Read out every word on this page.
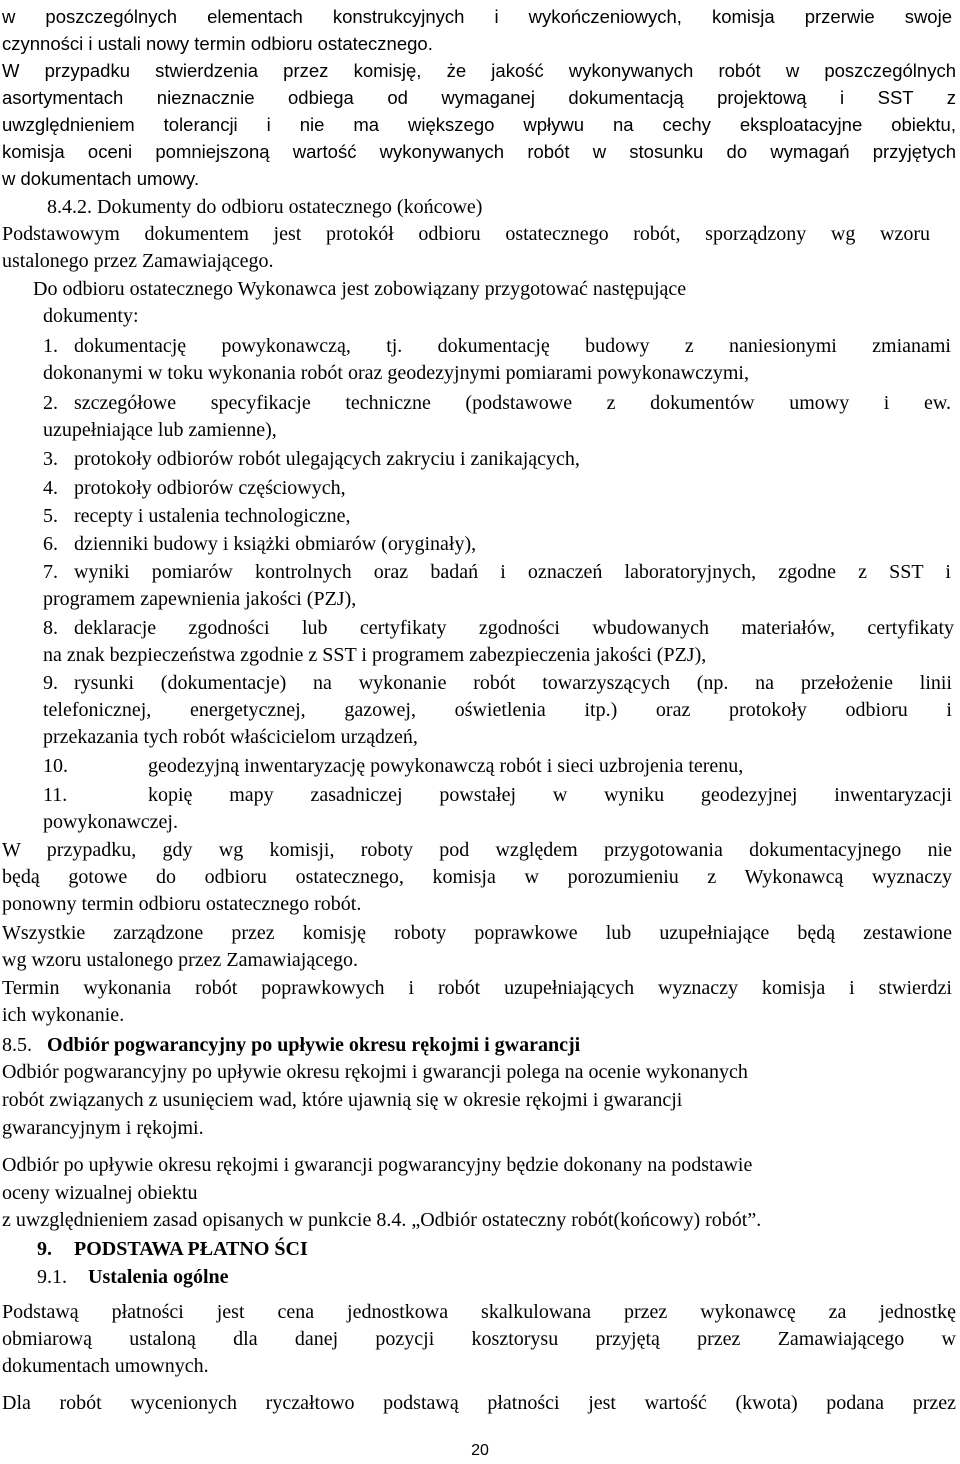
w poszczególnych elementach konstrukcyjnych i wykończeniowych, komisja przerwie swoje
czynności i ustali nowy termin odbioru ostatecznego.
W przypadku stwierdzenia przez komisję, że jakość wykonywanych robót w poszczególnych
asortymentach nieznacznie odbiega od wymaganej dokumentacją projektową i SST z
uwzględnieniem tolerancji i nie ma większego wpływu na cechy eksploatacyjne obiektu,
komisja oceni pomniejszoną wartość wykonywanych robót w stosunku do wymagań przyjętych
w dokumentach umowy.
8.4.2. Dokumenty do odbioru ostatecznego (końcowe)
Podstawowym dokumentem jest protokół odbioru ostatecznego robót, sporządzony wg wzoru
ustalonego przez Zamawiającego.
Do odbioru ostatecznego Wykonawca jest zobowiązany przygotować następujące
dokumenty:
1. dokumentację powykonawczą, tj. dokumentację budowy z naniesionymi zmianami
dokonanymi w toku wykonania robót oraz geodezyjnymi pomiarami powykonawczymi,
2. szczegółowe specyfikacje techniczne (podstawowe z dokumentów umowy i ew.
uzupełniające lub zamienne),
3. protokoły odbiorów robót ulegających zakryciu i zanikających,
4. protokoły odbiorów częściowych,
5. recepty i ustalenia technologiczne,
6. dzienniki budowy i książki obmiarów (oryginały),
7. wyniki pomiarów kontrolnych oraz badań i oznaczeń laboratoryjnych, zgodne z SST i
programem zapewnienia jakości (PZJ),
8. deklaracje zgodności lub certyfikaty zgodności wbudowanych materiałów, certyfikaty
na znak bezpieczeństwa zgodnie z SST i programem zabezpieczenia jakości (PZJ),
9. rysunki (dokumentacje) na wykonanie robót towarzyszących (np. na przełożenie linii
telefonicznej, energetycznej, gazowej, oświetlenia itp.) oraz protokoły odbioru i
przekazania tych robót właścicielom urządzeń,
10.	geodezyjną inwentaryzację powykonawczą robót i sieci uzbrojenia terenu,
11.	kopię mapy zasadniczej powstałej w wyniku geodezyjnej inwentaryzacji
powykonawczej.
W przypadku, gdy wg komisji, roboty pod względem przygotowania dokumentacyjnego nie
będą gotowe do odbioru ostatecznego, komisja w porozumieniu z Wykonawcą wyznaczy
ponowny termin odbioru ostatecznego robót.
Wszystkie zarządzone przez komisję roboty poprawkowe lub uzupełniające będą zestawione
wg wzoru ustalonego przez Zamawiającego.
Termin wykonania robót poprawkowych i robót uzupełniających wyznaczy komisja i stwierdzi
ich wykonanie.
8.5. Odbiór pogwarancyjny po upływie okresu rękojmi i gwarancji
Odbiór pogwarancyjny po upływie okresu rękojmi i gwarancji polega na ocenie wykonanych
robót związanych z usunięciem wad, które ujawnią się w okresie rękojmi i gwarancji
gwarancyjnym i rękojmi.
Odbiór po upływie okresu rękojmi i gwarancji pogwarancyjny będzie dokonany na podstawie
oceny wizualnej obiektu
z uwzględnieniem zasad opisanych w punkcie 8.4. „Odbiór ostateczny robót(końcowy) robót”.
9. PODSTAWA PŁATNO ŚCI
9.1. Ustalenia ogólne
Podstawą płatności jest cena jednostkowa skalkulowana przez wykonawcę za jednostkę
obmiarową ustaloną dla danej pozycji kosztorysu przyjętą przez Zamawiającego w
dokumentach umownych.
Dla robót wycenionych ryczałtowo podstawą płatności jest wartość (kwota) podana przez
20
